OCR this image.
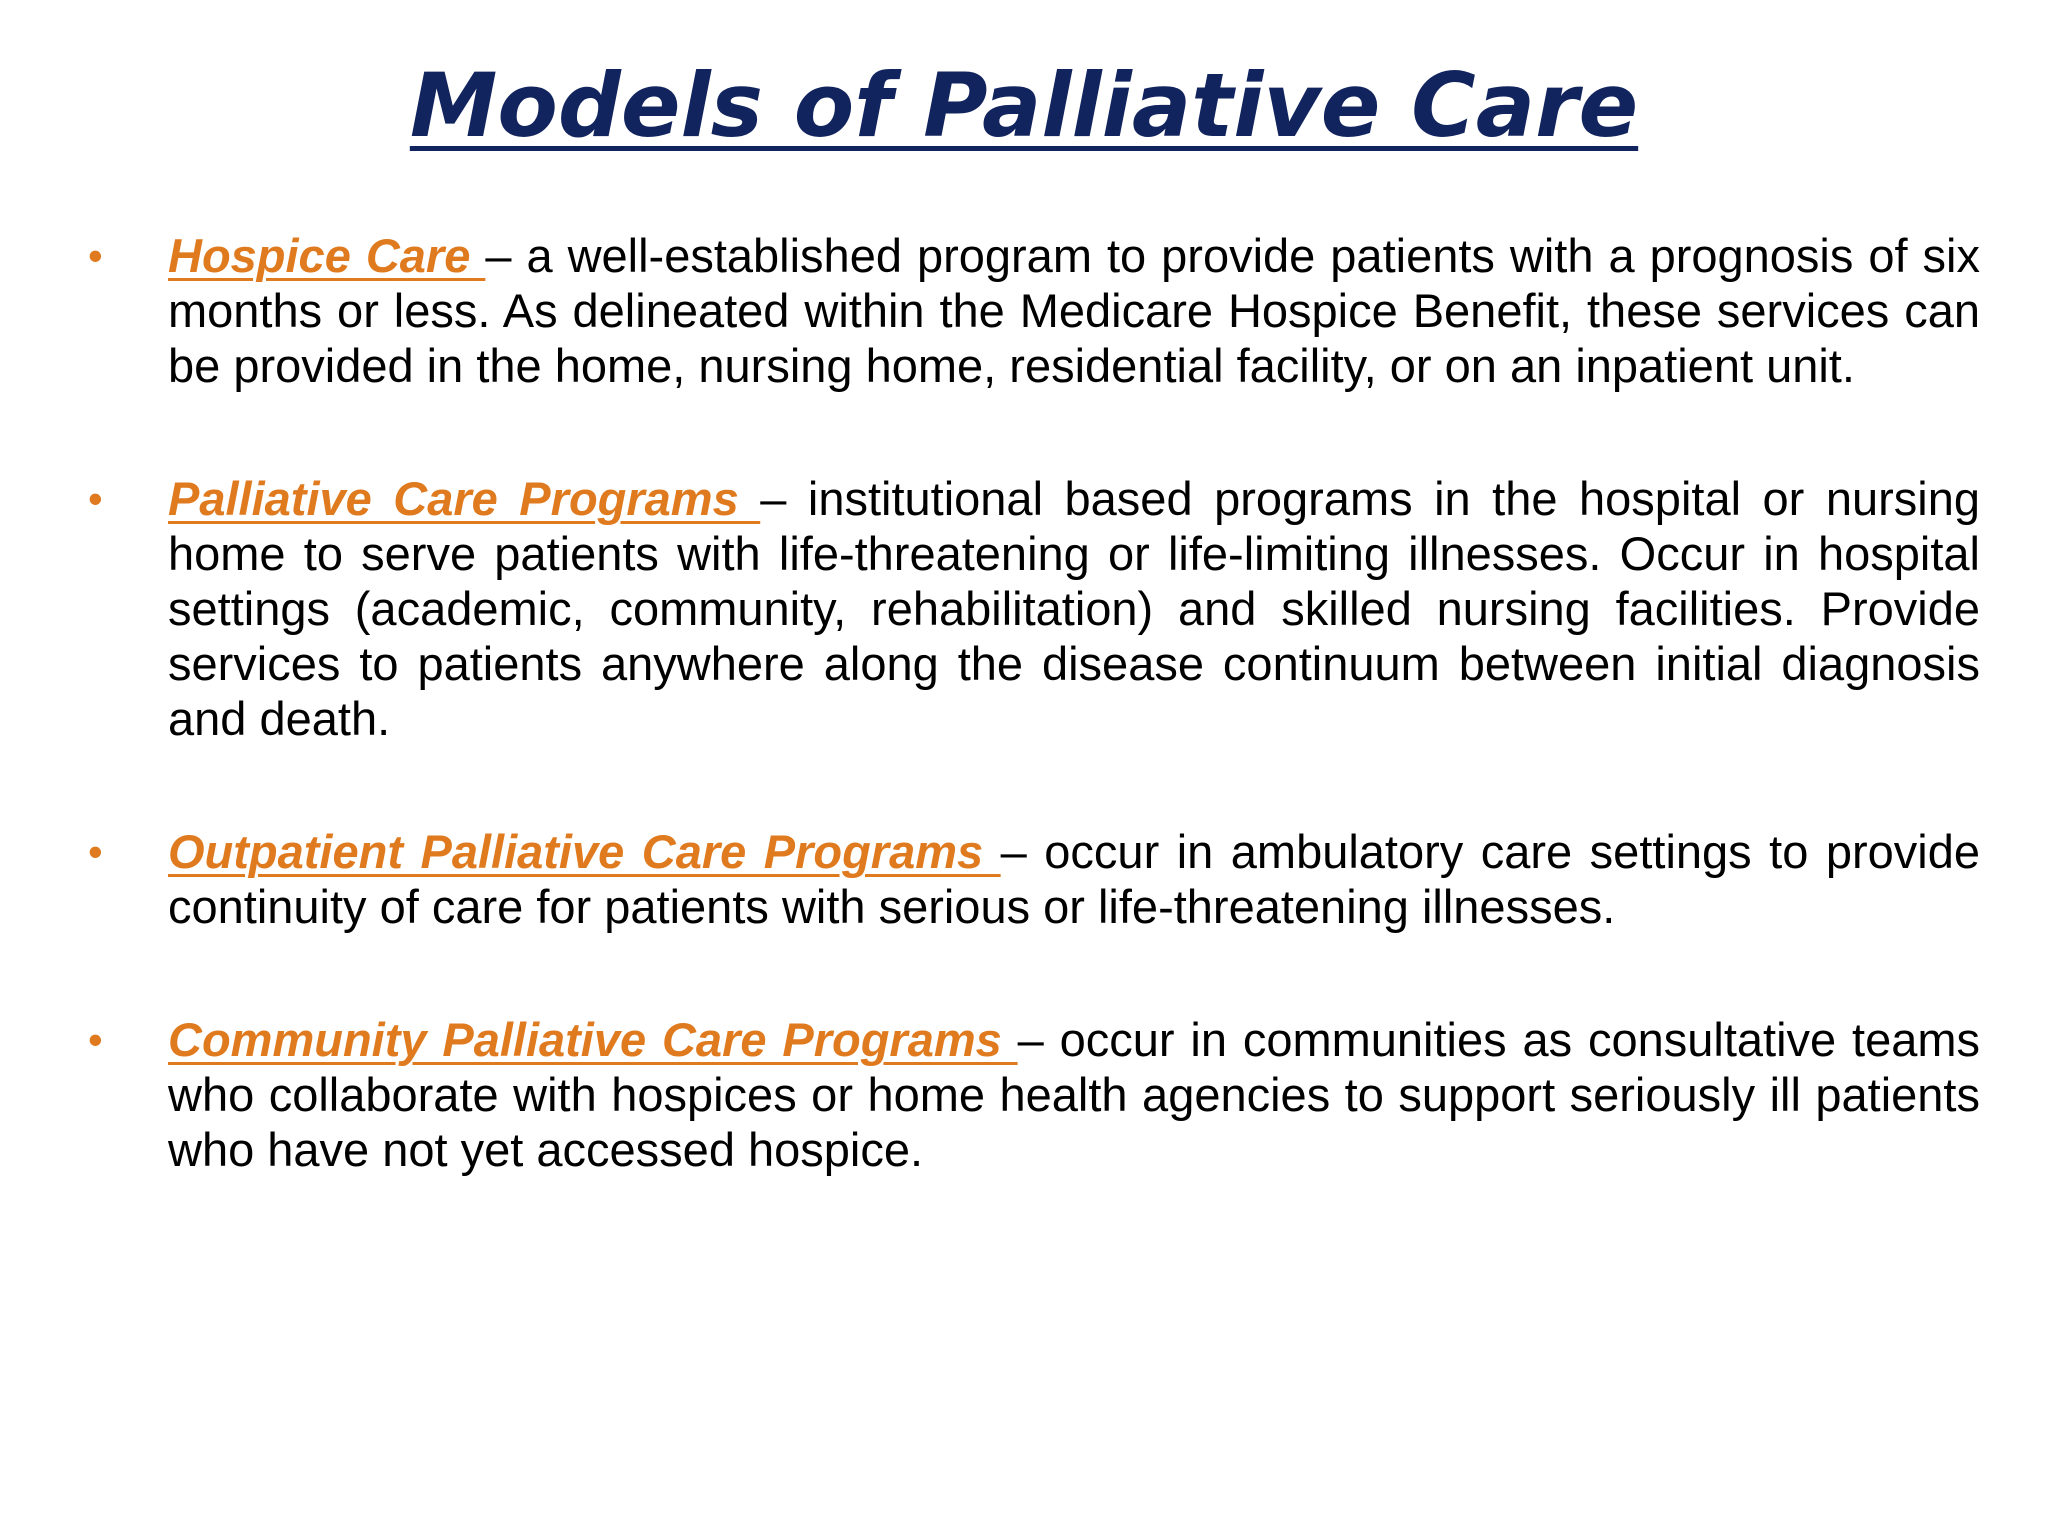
Models of Palliative Care
• Hospice Care – a well-established program to provide patients with a prognosis of six months or less. As delineated within the Medicare Hospice Benefit, these services can be provided in the home, nursing home, residential facility, or on an inpatient unit.
• Palliative Care Programs – institutional based programs in the hospital or nursing home to serve patients with life-threatening or life-limiting illnesses. Occur in hospital settings (academic, community, rehabilitation) and skilled nursing facilities. Provide services to patients anywhere along the disease continuum between initial diagnosis and death.
• Outpatient Palliative Care Programs – occur in ambulatory care settings to provide continuity of care for patients with serious or life-threatening illnesses.
• Community Palliative Care Programs – occur in communities as consultative teams who collaborate with hospices or home health agencies to support seriously ill patients who have not yet accessed hospice.
